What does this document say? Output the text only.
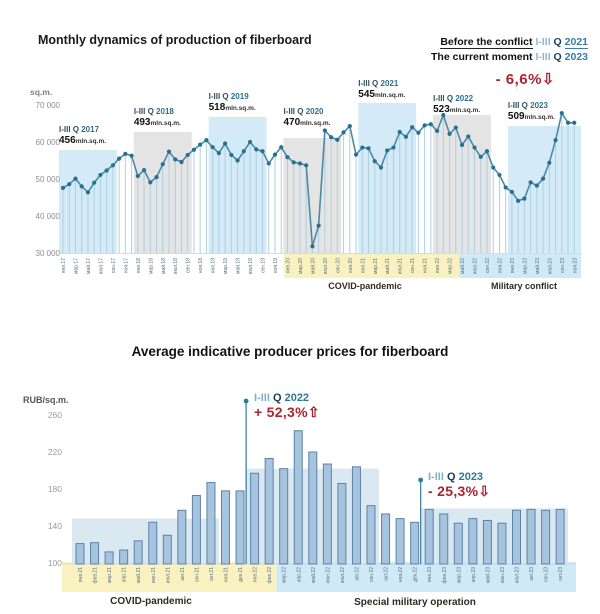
30 000
40 000
50 000
60 000
70 000
янв.17 мар.17 май.17 июл.17 сен.17 ноя.17 янв.18 мар.18 май.18 июл.18 сен.18 ноя.18 янв.19 мар.19 май.19 июл.19 сен.19 ноя.19 янв.20 мар.20 май.20 июл.20 сен.20 ноя.20 янв.21 мар.21 май.21 июл.21 сен.21 ноя.21 янв.22 мар.22 май.22 июл.22 сен.22 ноя.22 янв.23 мар.23 май.23 июл.23 сен.23 ноя.23
100
140
180
220
260
янв.21 фев.21 мар.21 апр.21 май.21 июн.21 июл.21 авг.21 сен.21 окт.21 ноя.21 дек.21 янв.22 фев.22 мар.22 апр.22 май.22 июн.22 июл.22 авг.22 сен.22 окт.22 ноя.22 дек.22 янв.23 фев.23 мар.23 апр.23 май.23 июн.23 июл.23 авг.23 сен.23 окт.23
Monthly dynamics of production of fiberboard	Before the conflict I-III Q 2021
The current moment I-III Q 2023
- 6,6%⇩
sq.m.
I-III Q 2017
456mln.sq.m.
I-III Q 2018
493mln.sq.m.
I-III Q 2019
518mln.sq.m.	I-III Q 2020
470mln.sq.m.
I-III Q 2021
545mln.sq.m.	I-III Q 2022
523mln.sq.m.
I-III Q 2023
509mln.sq.m.
COVID-pandemic	Military conflict
Average indicative producer prices for fiberboard
RUB/sq.m.	I-III Q 2022
+ 52,3%⇧
I-III Q 2023
- 25,3%⇩
COVID-pandemic	Special military operation
